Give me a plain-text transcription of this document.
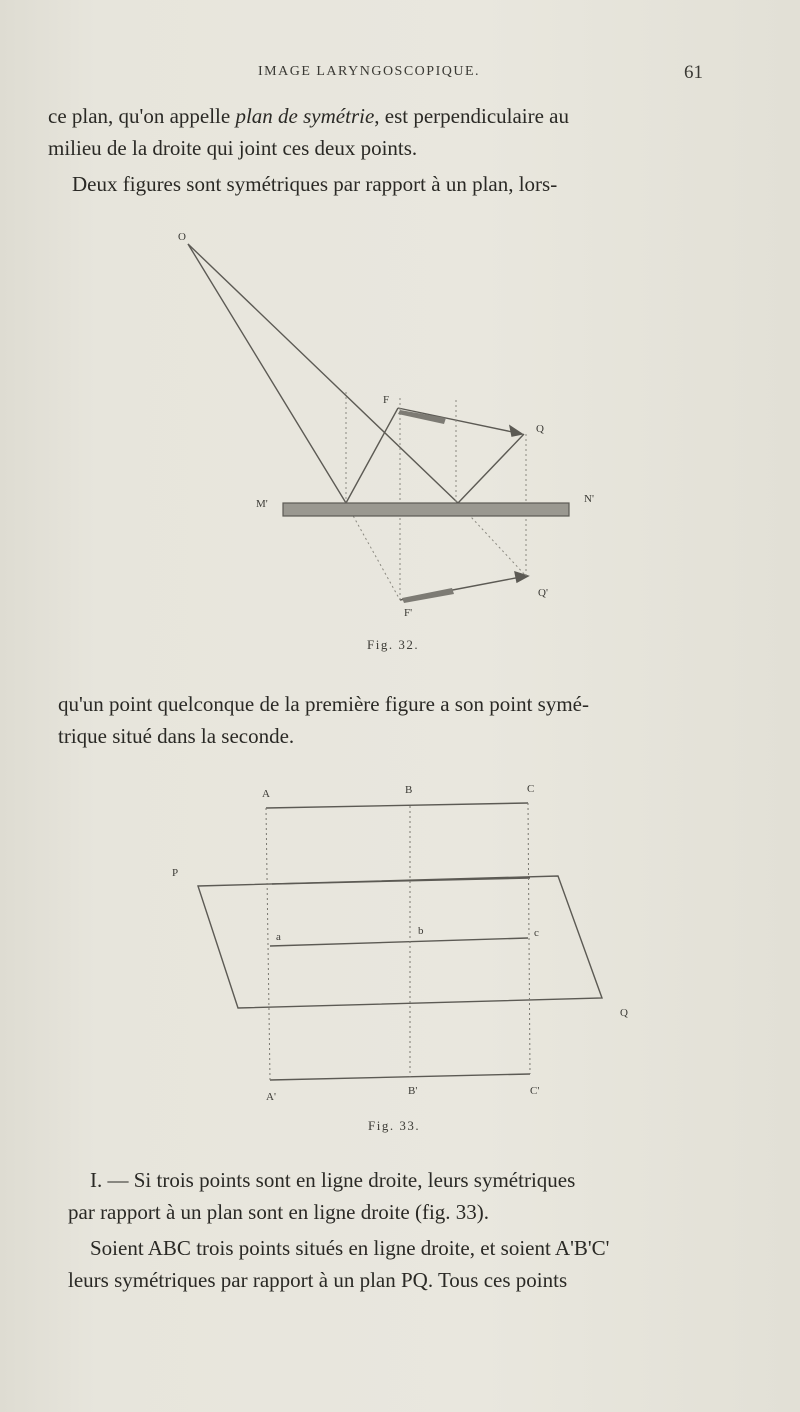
IMAGE LARYNGOSCOPIQUE.	61

ce plan, qu'on appelle plan de symétrie, est perpendiculaire au
milieu de la droite qui joint ces deux points.

Deux figures sont symétriques par rapport à un plan, lors-

O
F
Q
M'	N'
F'
Q'
A	B	C
P
Q
a	b	c
A'	B'	C'
Fig. 32.

qu'un point quelconque de la première figure a son point symé-
trique situé dans la seconde.

Fig. 33.

I. — Si trois points sont en ligne droite, leurs symétriques
par rapport à un plan sont en ligne droite (fig. 33).

Soient ABC trois points situés en ligne droite, et soient A'B'C'
leurs symétriques par rapport à un plan PQ. Tous ces points
